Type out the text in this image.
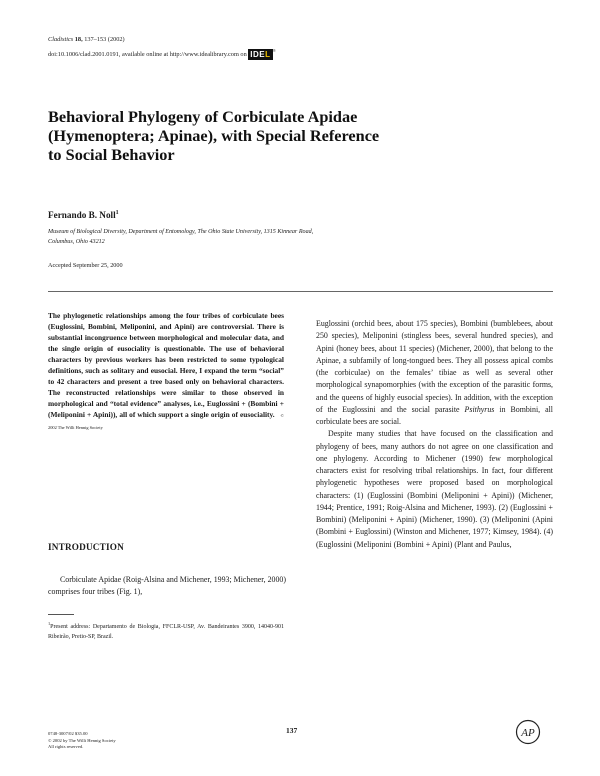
Cladistics 18, 137–153 (2002)
doi:10.1006/clad.2001.0191, available online at http://www.idealibrary.com on IDEL ®
Behavioral Phylogeny of Corbiculate Apidae
(Hymenoptera; Apinae), with Special Reference
to Social Behavior
Fernando B. Noll$^1$
Museum of Biological Diversity, Department of Entomology, The Ohio State University, 1315 Kinnear Road,
Columbus, Ohio 43212
Accepted September 25, 2000
The phylogenetic relationships among the four tribes of corbiculate bees (Euglossini, Bombini, Meliponini, and Apini) are controversial. There is substantial incongruence between morphological and molecular data, and the single origin of eusociality is questionable. The use of behavioral characters by previous workers has been restricted to some typological definitions, such as solitary and eusocial. Here, I expand the term “social” to 42 characters and present a tree based only on behavioral characters. The reconstructed relationships were similar to those observed in morphological and “total evidence” analyses, i.e., Euglossini + (Bombini + (Meliponini + Apini)), all of which support a single origin of eusociality. © 2002 The Willi Hennig Society
INTRODUCTION
Corbiculate Apidae (Roig-Alsina and Michener, 1993; Michener, 2000) comprises four tribes (Fig. 1),
$^1$Present address: Departamento de Biologia, FFCLR-USP, Av. Bandeirantes 3900, 14040-901 Ribeirão, Pretio-SP, Brazil.

Euglossini (orchid bees, about 175 species), Bombini (bumblebees, about 250 species), Meliponini (stingless bees, several hundred species), and Apini (honey bees, about 11 species) (Michener, 2000), that belong to the Apinae, a subfamily of long-tongued bees. They all possess apical combs (the corbiculae) on the females’ tibiae as well as several other morphological synapomorphies (with the exception of the parasitic forms, and the queens of highly eusocial species). In addition, with the exception of the Euglossini and the social parasite Psithyrus in Bombini, all corbiculate bees are social.

Despite many studies that have focused on the classification and phylogeny of bees, many authors do not agree on one classification and one phylogeny. According to Michener (1990) few morphological characters exist for resolving tribal relationships. In fact, four different phylogenetic hypotheses were proposed based on morphological characters: (1) (Euglossini (Bombini (Meliponini + Apini)) (Michener, 1944; Prentice, 1991; Roig-Alsina and Michener, 1993). (2) (Euglossini + Bombini) (Meliponini + Apini) (Michener, 1990). (3) (Meliponini (Apini (Bombini + Euglossini) (Winston and Michener, 1977; Kimsey, 1984). (4) (Euglossini (Meliponini (Bombini + Apini) (Plant and Paulus,

0748-3007/02 $35.00
© 2002 by The Willi Hennig Society
All rights reserved.
137	AP
